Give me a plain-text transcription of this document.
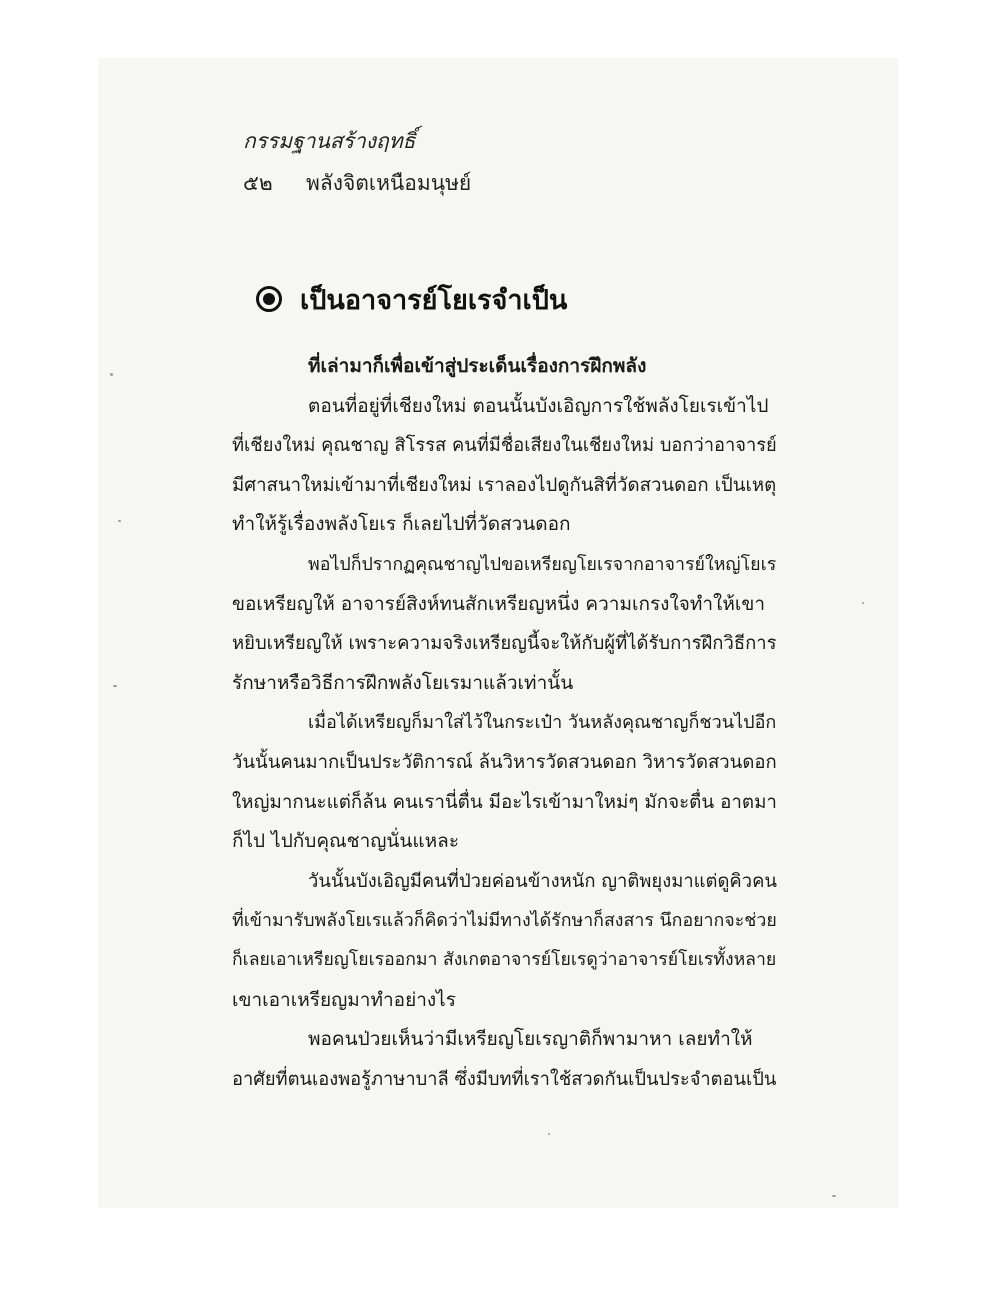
กรรมฐานสร้างฤทธิ์
๕๒ พลังจิตเหนือมนุษย์
เป็นอาจารย์โยเรจำเป็น
ที่เล่ามาก็เพื่อเข้าสู่ประเด็นเรื่องการฝึกพลัง
ตอนที่อยู่ที่เชียงใหม่ ตอนนั้นบังเอิญการใช้พลังโยเรเข้าไป
ที่เชียงใหม่ คุณชาญ สิโรรส คนที่มีชื่อเสียงในเชียงใหม่ บอกว่าอาจารย์
มีศาสนาใหม่เข้ามาที่เชียงใหม่ เราลองไปดูกันสิที่วัดสวนดอก เป็นเหตุ
ทำให้รู้เรื่องพลังโยเร ก็เลยไปที่วัดสวนดอก
พอไปก็ปรากฏคุณชาญไปขอเหรียญโยเรจากอาจารย์ใหญ่โยเร
ขอเหรียญให้ อาจารย์สิงห์ทนสักเหรียญหนึ่ง ความเกรงใจทำให้เขา
หยิบเหรียญให้ เพราะความจริงเหรียญนี้จะให้กับผู้ที่ได้รับการฝึกวิธีการ
รักษาหรือวิธีการฝึกพลังโยเรมาแล้วเท่านั้น
เมื่อได้เหรียญก็มาใส่ไว้ในกระเป๋า วันหลังคุณชาญก็ชวนไปอีก
วันนั้นคนมากเป็นประวัติการณ์ ล้นวิหารวัดสวนดอก วิหารวัดสวนดอก
ใหญ่มากนะแต่ก็ล้น คนเรานี่ตื่น มีอะไรเข้ามาใหม่ๆ มักจะตื่น อาตมา
ก็ไป ไปกับคุณชาญนั่นแหละ
วันนั้นบังเอิญมีคนที่ป่วยค่อนข้างหนัก ญาติพยุงมาแต่ดูคิวคน
ที่เข้ามารับพลังโยเรแล้วก็คิดว่าไม่มีทางได้รักษาก็สงสาร นึกอยากจะช่วย
ก็เลยเอาเหรียญโยเรออกมา สังเกตอาจารย์โยเรดูว่าอาจารย์โยเรทั้งหลาย
เขาเอาเหรียญมาทำอย่างไร
พอคนป่วยเห็นว่ามีเหรียญโยเรญาติก็พามาหา เลยทำให้
อาศัยที่ตนเองพอรู้ภาษาบาลี ซึ่งมีบทที่เราใช้สวดกันเป็นประจำตอนเป็น
